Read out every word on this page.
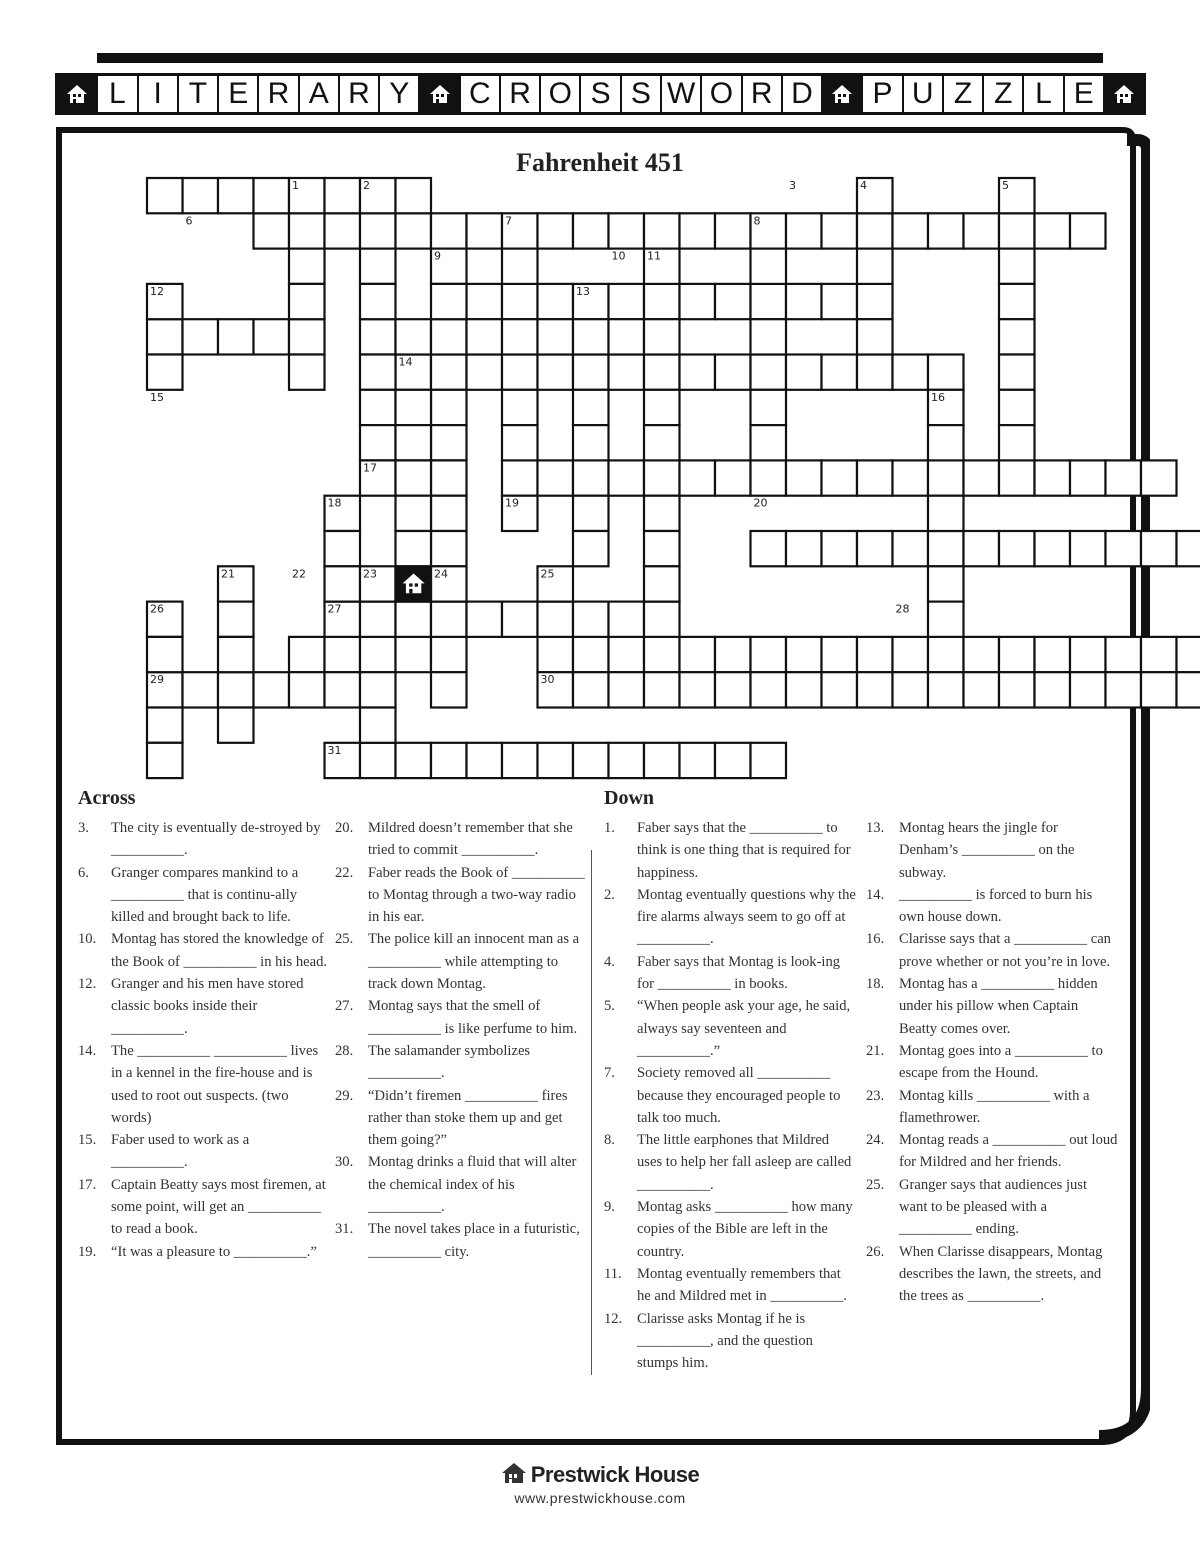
L I T E R A R Y	C R O S S W O R D	P U Z Z L E
Fahrenheit 451
1	2	3	4	5
6	7	8
9	10 11
12	13
14
15	16
17
18	19	20
21	22	23	24	25
26	27	28
29	30
31
Across	Down
3.	The city is eventually de-stroyed by __________.
6.	Granger compares mankind to a __________ that is continu-ally killed and brought back to life.
10.	Montag has stored the knowledge of the Book of __________ in his head.
12.	Granger and his men have stored classic books inside their __________.
14.	The __________ __________ lives in a kennel in the fire-house and is used to root out suspects. (two words)
15.	Faber used to work as a __________.
17.	Captain Beatty says most firemen, at some point, will get an __________ to read a book.
19.	“It was a pleasure to __________.”
20.	Mildred doesn’t remember that she tried to commit __________.
22.	Faber reads the Book of __________ to Montag through a two-way radio in his ear.
25.	The police kill an innocent man as a __________ while attempting to track down Montag.
27.	Montag says that the smell of __________ is like perfume to him.
28.	The salamander symbolizes __________.
29.	“Didn’t firemen __________ fires rather than stoke them up and get them going?”
30.	Montag drinks a fluid that will alter the chemical index of his __________.
31.	The novel takes place in a futuristic, __________ city.
1.	Faber says that the __________ to think is one thing that is required for happiness.
2.	Montag eventually questions why the fire alarms always seem to go off at __________.
4.	Faber says that Montag is look-ing for __________ in books.
5.	“When people ask your age, he said, always say seventeen and __________.”
7.	Society removed all __________ because they encouraged people to talk too much.
8.	The little earphones that Mildred uses to help her fall asleep are called __________.
9.	Montag asks __________ how many copies of the Bible are left in the country.
11.	Montag eventually remembers that he and Mildred met in __________.
12.	Clarisse asks Montag if he is __________, and the question stumps him.
13.	Montag hears the jingle for Denham’s __________ on the subway.
14.	__________ is forced to burn his own house down.
16.	Clarisse says that a __________ can prove whether or not you’re in love.
18.	Montag has a __________ hidden under his pillow when Captain Beatty comes over.
21.	Montag goes into a __________ to escape from the Hound.
23.	Montag kills __________ with a flamethrower.
24.	Montag reads a __________ out loud for Mildred and her friends.
25.	Granger says that audiences just want to be pleased with a __________ ending.
26.	When Clarisse disappears, Montag describes the lawn, the streets, and the trees as __________.
Prestwick House
www.prestwickhouse.com
